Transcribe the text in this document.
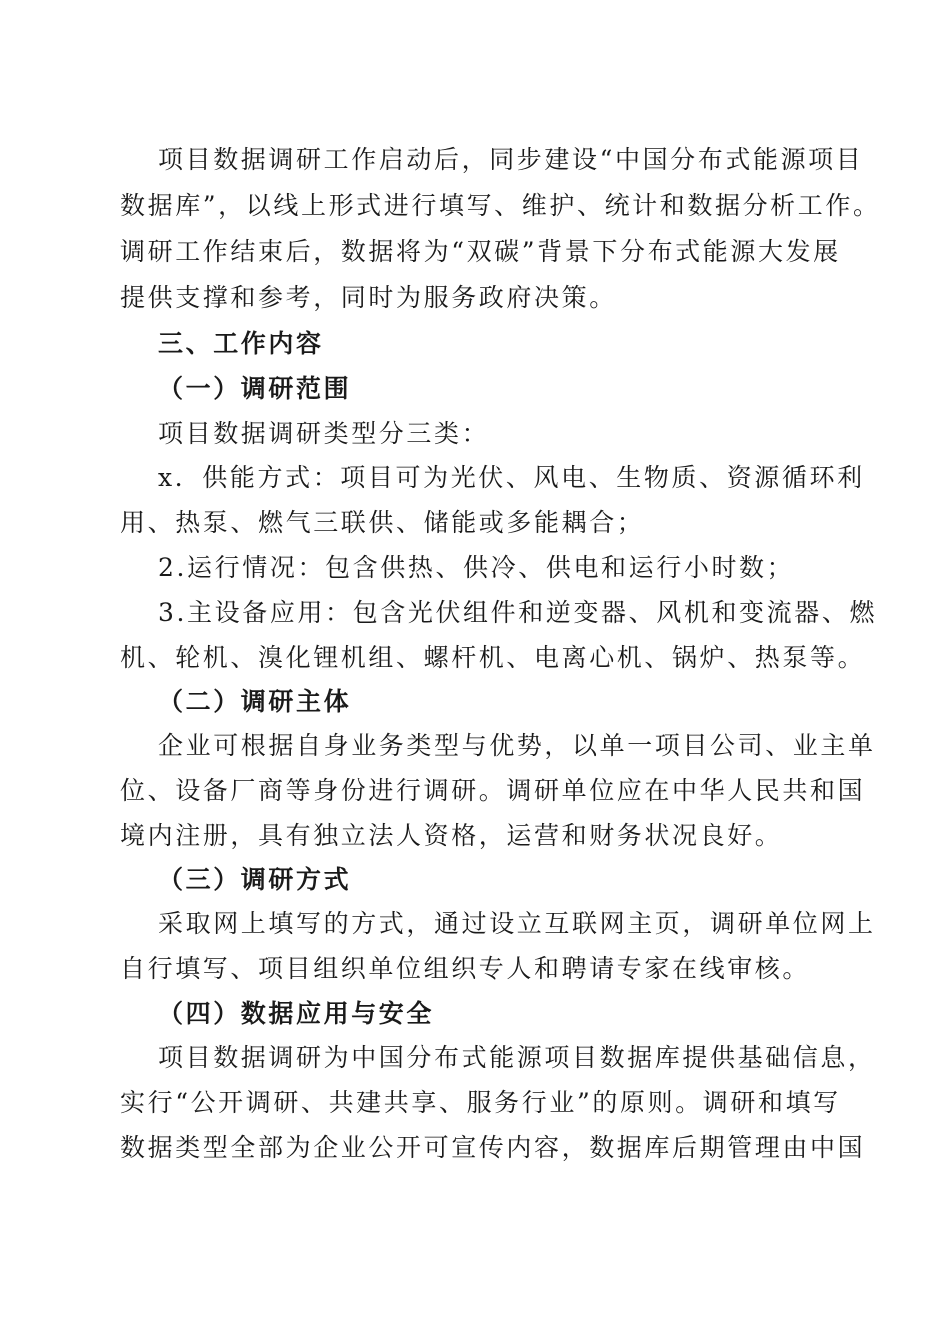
项目数据调研工作启动后，同步建设“中国分布式能源项目
数据库”，以线上形式进行填写、维护、统计和数据分析工作。
调研工作结束后，数据将为“双碳”背景下分布式能源大发展
提供支撑和参考，同时为服务政府决策。
三、工作内容
（一）调研范围
项目数据调研类型分三类：
x．供能方式：项目可为光伏、风电、生物质、资源循环利
用、热泵、燃气三联供、储能或多能耦合；
2.运行情况：包含供热、供冷、供电和运行小时数；
3.主设备应用：包含光伏组件和逆变器、风机和变流器、燃
机、轮机、溴化锂机组、螺杆机、电离心机、锅炉、热泵等。
（二）调研主体
企业可根据自身业务类型与优势，以单一项目公司、业主单
位、设备厂商等身份进行调研。调研单位应在中华人民共和国
境内注册，具有独立法人资格，运营和财务状况良好。
（三）调研方式
采取网上填写的方式，通过设立互联网主页，调研单位网上
自行填写、项目组织单位组织专人和聘请专家在线审核。
（四）数据应用与安全
项目数据调研为中国分布式能源项目数据库提供基础信息，
实行“公开调研、共建共享、服务行业”的原则。调研和填写
数据类型全部为企业公开可宣传内容，数据库后期管理由中国
